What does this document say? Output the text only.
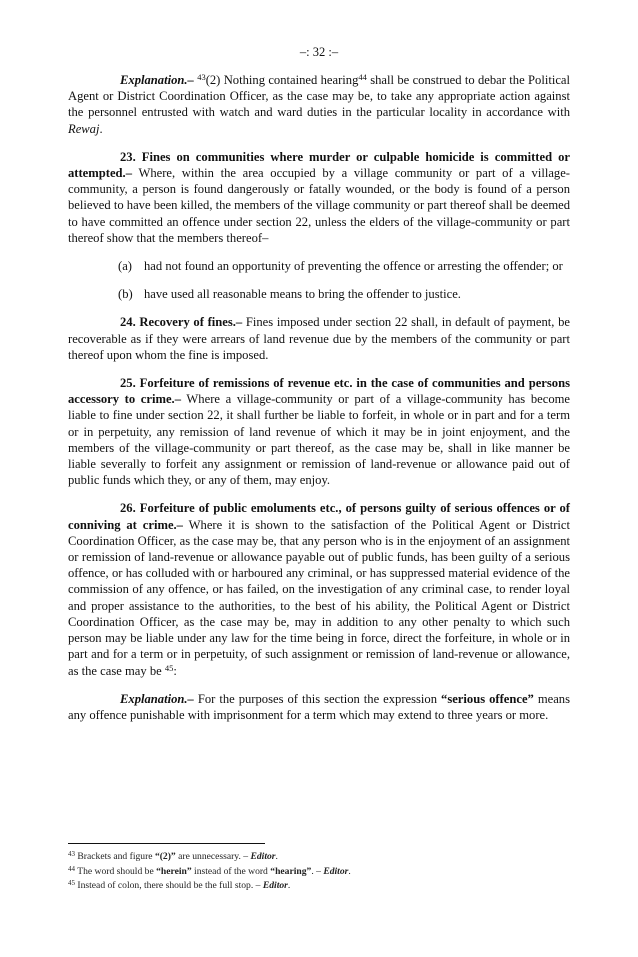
–: 32 :–

Explanation.– $^{43}$(2) Nothing contained hearing$^{44}$ shall be construed to debar the Political Agent or District Coordination Officer, as the case may be, to take any appropriate action against the personnel entrusted with watch and ward duties in the particular locality in accordance with Rewaj.

23. Fines on communities where murder or culpable homicide is committed or attempted.– Where, within the area occupied by a village community or part of a village-community, a person is found dangerously or fatally wounded, or the body is found of a person believed to have been killed, the members of the village community or part thereof shall be deemed to have committed an offence under section 22, unless the elders of the village-community or part thereof show that the members thereof–

(a) had not found an opportunity of preventing the offence or arresting the offender; or
(b) have used all reasonable means to bring the offender to justice.

24. Recovery of fines.– Fines imposed under section 22 shall, in default of payment, be recoverable as if they were arrears of land revenue due by the members of the community or part thereof upon whom the fine is imposed.

25. Forfeiture of remissions of revenue etc. in the case of communities and persons accessory to crime.– Where a village-community or part of a village-community has become liable to fine under section 22, it shall further be liable to forfeit, in whole or in part and for a term or in perpetuity, any remission of land revenue of which it may be in joint enjoyment, and the members of the village-community or part thereof, as the case may be, shall in like manner be liable severally to forfeit any assignment or remission of land-revenue or allowance paid out of public funds which they, or any of them, may enjoy.

26. Forfeiture of public emoluments etc., of persons guilty of serious offences or of conniving at crime.– Where it is shown to the satisfaction of the Political Agent or District Coordination Officer, as the case may be, that any person who is in the enjoyment of an assignment or remission of land-revenue or allowance payable out of public funds, has been guilty of a serious offence, or has colluded with or harboured any criminal, or has suppressed material evidence of the commission of any offence, or has failed, on the investigation of any criminal case, to render loyal and proper assistance to the authorities, to the best of his ability, the Political Agent or District Coordination Officer, as the case may be, may in addition to any other penalty to which such person may be liable under any law for the time being in force, direct the forfeiture, in whole or in part and for a term or in perpetuity, of such assignment or remission of land-revenue or allowance, as the case may be $^{45}$:

Explanation.– For the purposes of this section the expression “serious offence” means any offence punishable with imprisonment for a term which may extend to three years or more.

$^{43}$ Brackets and figure “(2)” are unnecessary. – Editor.
$^{44}$ The word should be “herein” instead of the word “hearing”. – Editor.
$^{45}$ Instead of colon, there should be the full stop. – Editor.
